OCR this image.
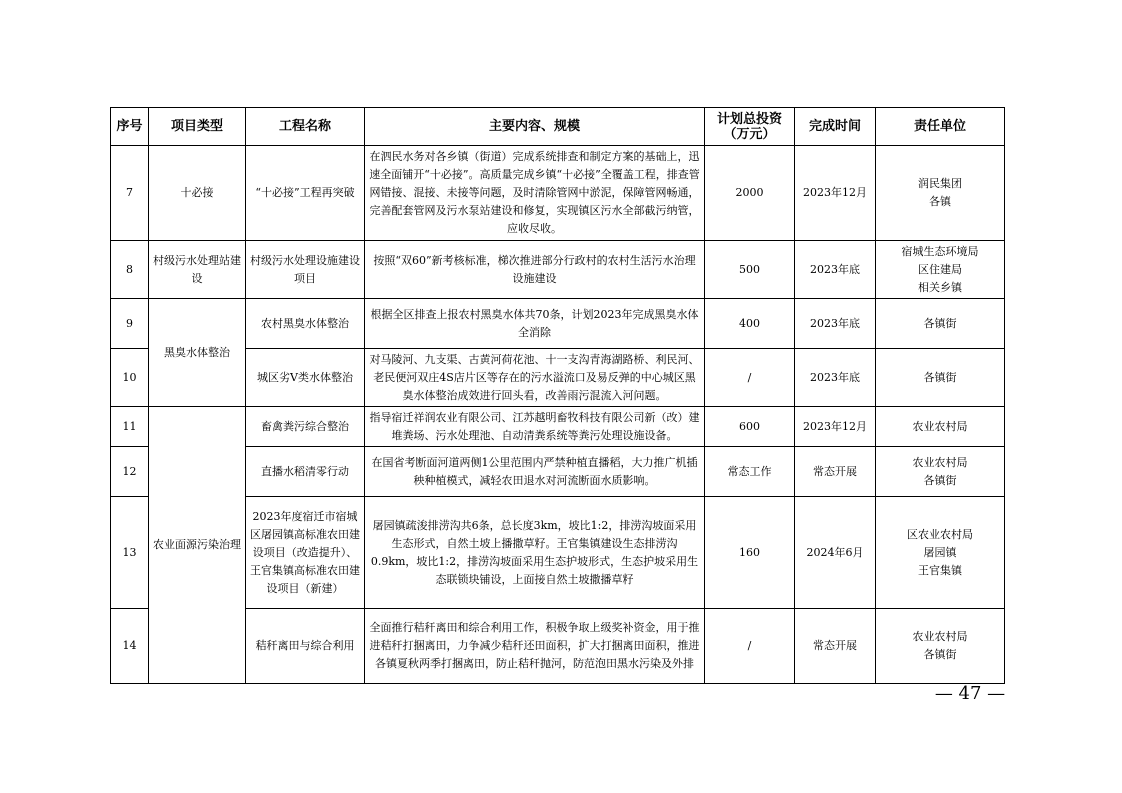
序号	项目类型	工程名称	主要内容、规模	计划总投资（万元）	完成时间	责任单位
7	十必接	“十必接”工程再突破	在泗民水务对各乡镇（街道）完成系统排查和制定方案的基础上，迅速全面铺开“十必接”。高质量完成乡镇“十必接”全覆盖工程，排查管网错接、混接、未接等问题，及时清除管网中淤泥，保障管网畅通，完善配套管网及污水泵站建设和修复，实现镇区污水全部截污纳管，应收尽收。	2000	2023年12月	润民集团
各镇

8	村级污水处理站建设	村级污水处理设施建设项目	按照“双60”新考核标准，梯次推进部分行政村的农村生活污水治理设施建设	500	2023年底	宿城生态环境局
区住建局
相关乡镇

9	黑臭水体整治	农村黑臭水体整治	根据全区排查上报农村黑臭水体共70条，计划2023年完成黑臭水体全消除	400	2023年底	各镇街

10		城区劣V类水体整治	对马陵河、九支渠、古黄河荷花池、十一支沟青海湖路桥、利民河、老民便河双庄4S店片区等存在的污水溢流口及易反弹的中心城区黑臭水体整治成效进行回头看，改善雨污混流入河问题。	/	2023年底	各镇街

11	农业面源污染治理	畜禽粪污综合整治	指导宿迁祥润农业有限公司、江苏越明畜牧科技有限公司新（改）建堆粪场、污水处理池、自动清粪系统等粪污处理设施设备。	600	2023年12月	农业农村局

12		直播水稻清零行动	在国省考断面河道两侧1公里范围内严禁种植直播稻，大力推广机插秧种植模式，减轻农田退水对河流断面水质影响。	常态工作	常态开展	农业农村局
各镇街

13		2023年度宿迁市宿城区屠园镇高标准农田建设项目（改造提升）、王官集镇高标准农田建设项目（新建）	屠园镇疏浚排涝沟共6条，总长度3km，坡比1:2，排涝沟坡面采用生态形式，自然土坡上播撒草籽。王官集镇建设生态排涝沟0.9km，坡比1:2，排涝沟坡面采用生态护坡形式，生态护坡采用生态联锁块铺设，上面接自然土坡撒播草籽	160	2024年6月	区农业农村局
屠园镇
王官集镇

14		秸秆离田与综合利用	全面推行秸秆离田和综合利用工作，积极争取上级奖补资金，用于推进秸秆打捆离田，力争减少秸秆还田面积，扩大打捆离田面积，推进各镇夏秋两季打捆离田，防止秸秆抛河，防范泡田黑水污染及外排	/	常态开展	农业农村局
各镇街
— 47 —
